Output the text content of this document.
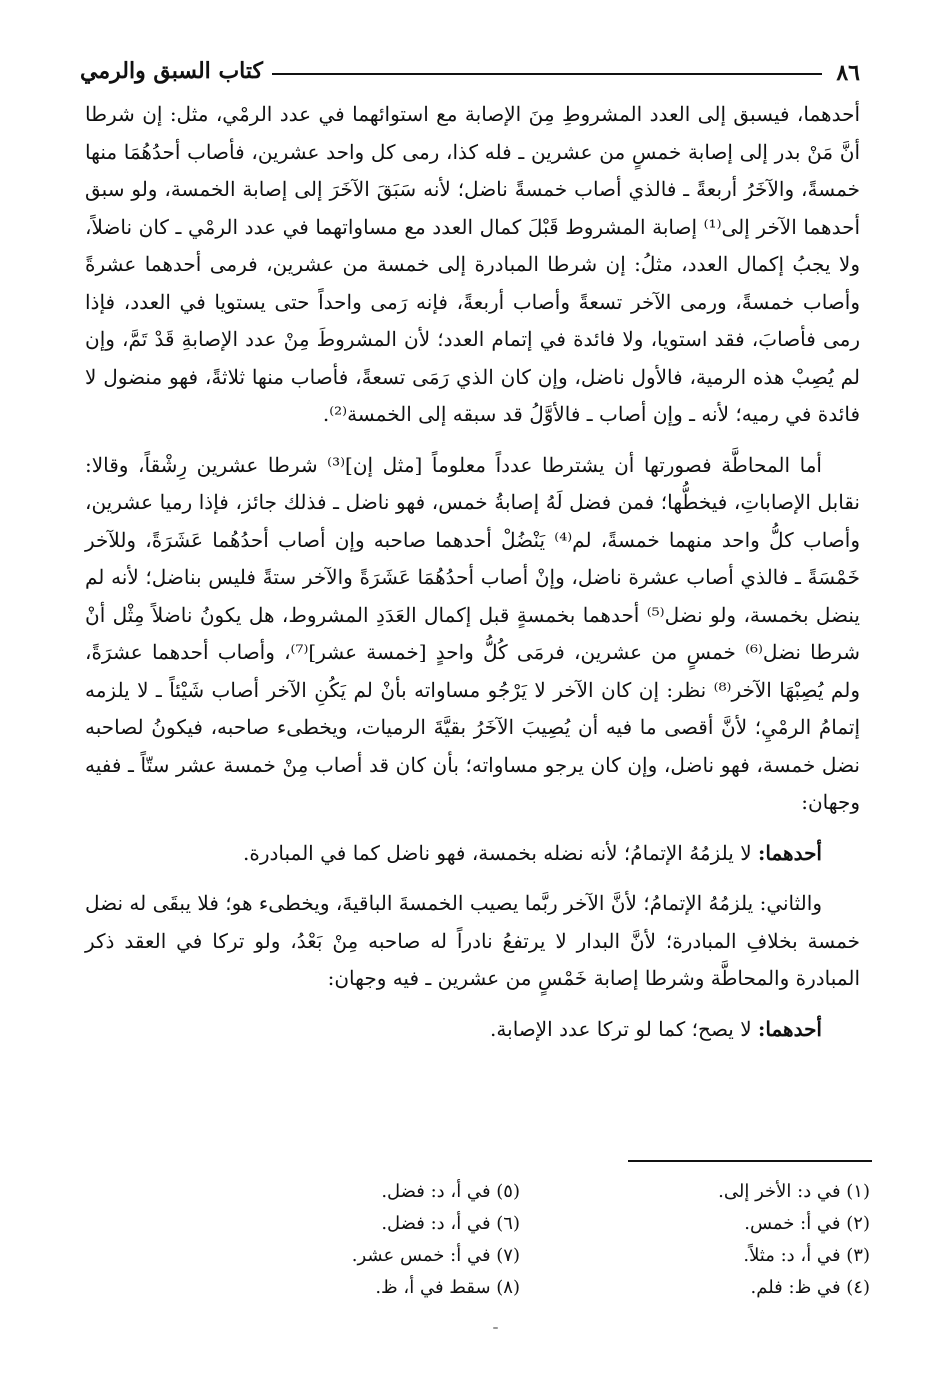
٨٦
كتاب السبق والرمي

أحدهما، فيسبق إلى العدد المشروطِ مِنَ الإصابة مع استوائهما في عدد الرمْي، مثل: إن شرطا أنَّ مَنْ بدر إلى إصابة خمسٍ من عشرين ـ فله كذا، رمى كل واحد عشرين، فأصاب أحدُهُمَا منها خمسةً، والآخَرُ أربعةً ـ فالذي أصاب خمسةً ناضل؛ لأنه سَبَقَ الآخَرَ إلى إصابة الخمسة، ولو سبق أحدهما الآخر إلى⁽¹⁾ إصابة المشروط قَبْلَ كمال العدد مع مساواتهما في عدد الرمْي ـ كان ناضلاً، ولا يجبُ إكمال العدد، مثلُ: إن شرطا المبادرة إلى خمسة من عشرين، فرمى أحدهما عشرةً وأصاب خمسةً، ورمى الآخر تسعةً وأصاب أربعةً، فإنه رَمى واحداً حتى يستويا في العدد، فإذا رمى فأصابَ، فقد استويا، ولا فائدة في إتمام العدد؛ لأن المشروطَ مِنْ عدد الإصابةِ قَدْ تَمَّ، وإن لم يُصِبْ هذه الرمية، فالأول ناضل، وإن كان الذي رَمَى تسعةً، فأصاب منها ثلاثةً، فهو منضول لا فائدة في رميه؛ لأنه ـ وإن أصاب ـ فالأوَّلُ قد سبقه إلى الخمسة⁽²⁾.

أما المحاطَّة فصورتها أن يشترطا عدداً معلوماً [مثل إن]⁽³⁾ شرطا عشرين رِشْقاً، وقالا: نقابل الإصاباتِ، فيخطُّها؛ فمن فضل لَهُ إصابةُ خمس، فهو ناضل ـ فذلك جائز، فإذا رميا عشرين، وأصاب كلُّ واحد منهما خمسةً، لم⁽⁴⁾ يَنْضُلْ أحدهما صاحبه وإن أصاب أحدُهُما عَشَرَةً، وللآخر خَمْسَةً ـ فالذي أصاب عشرة ناضل، وإنْ أصاب أحدُهُمَا عَشَرَةً والآخر ستةً فليس بناضل؛ لأنه لم ينضل بخمسة، ولو نضل⁽⁵⁾ أحدهما بخمسةٍ قبل إكمال العَدَدِ المشروط، هل يكونُ ناضلاً مِثْل أنْ شرطا نضل⁽⁶⁾ خمسٍ من عشرين، فرمَى كُلُّ واحدٍ [خمسة عشر]⁽⁷⁾، وأصاب أحدهما عشرَةً، ولم يُصِبْهَا الآخر⁽⁸⁾ نظر: إن كان الآخر لا يَرْجُو مساواته بأنْ لم يَكُنِ الآخر أصاب شَيْئاً ـ لا يلزمه إتمامُ الرمْيِ؛ لأنَّ أقصى ما فيه أن يُصِيبَ الآخَرُ بقيَّةَ الرميات، ويخطىء صاحبه، فيكونُ لصاحبه نضل خمسة، فهو ناضل، وإن كان يرجو مساواته؛ بأن كان قد أصاب مِنْ خمسة عشر ستّاً ـ ففيه وجهان:

أحدهما: لا يلزمُهُ الإتمامُ؛ لأنه نضله بخمسة، فهو ناضل كما في المبادرة.

والثاني: يلزمُهُ الإتمامُ؛ لأنَّ الآخر ربَّما يصيب الخمسةَ الباقيةَ، ويخطىء هو؛ فلا يبقَى له نضل خمسة بخلافِ المبادرة؛ لأنَّ البدار لا يرتفعُ نادراً له صاحبه مِنْ بَعْدُ، ولو تركا في العقد ذكر المبادرة والمحاطَّة وشرطا إصابة خَمْسٍ من عشرين ـ فيه وجهان:

أحدهما: لا يصح؛ كما لو تركا عدد الإصابة.

(١) في د: الأخر إلى.
(٢) في أ: خمس.
(٣) في أ، د: مثلاً.
(٤) في ظ: فلم.
(٥) في أ، د: فضل.
(٦) في أ، د: فضل.
(٧) في أ: خمس عشر.
(٨) سقط في أ، ظ.
